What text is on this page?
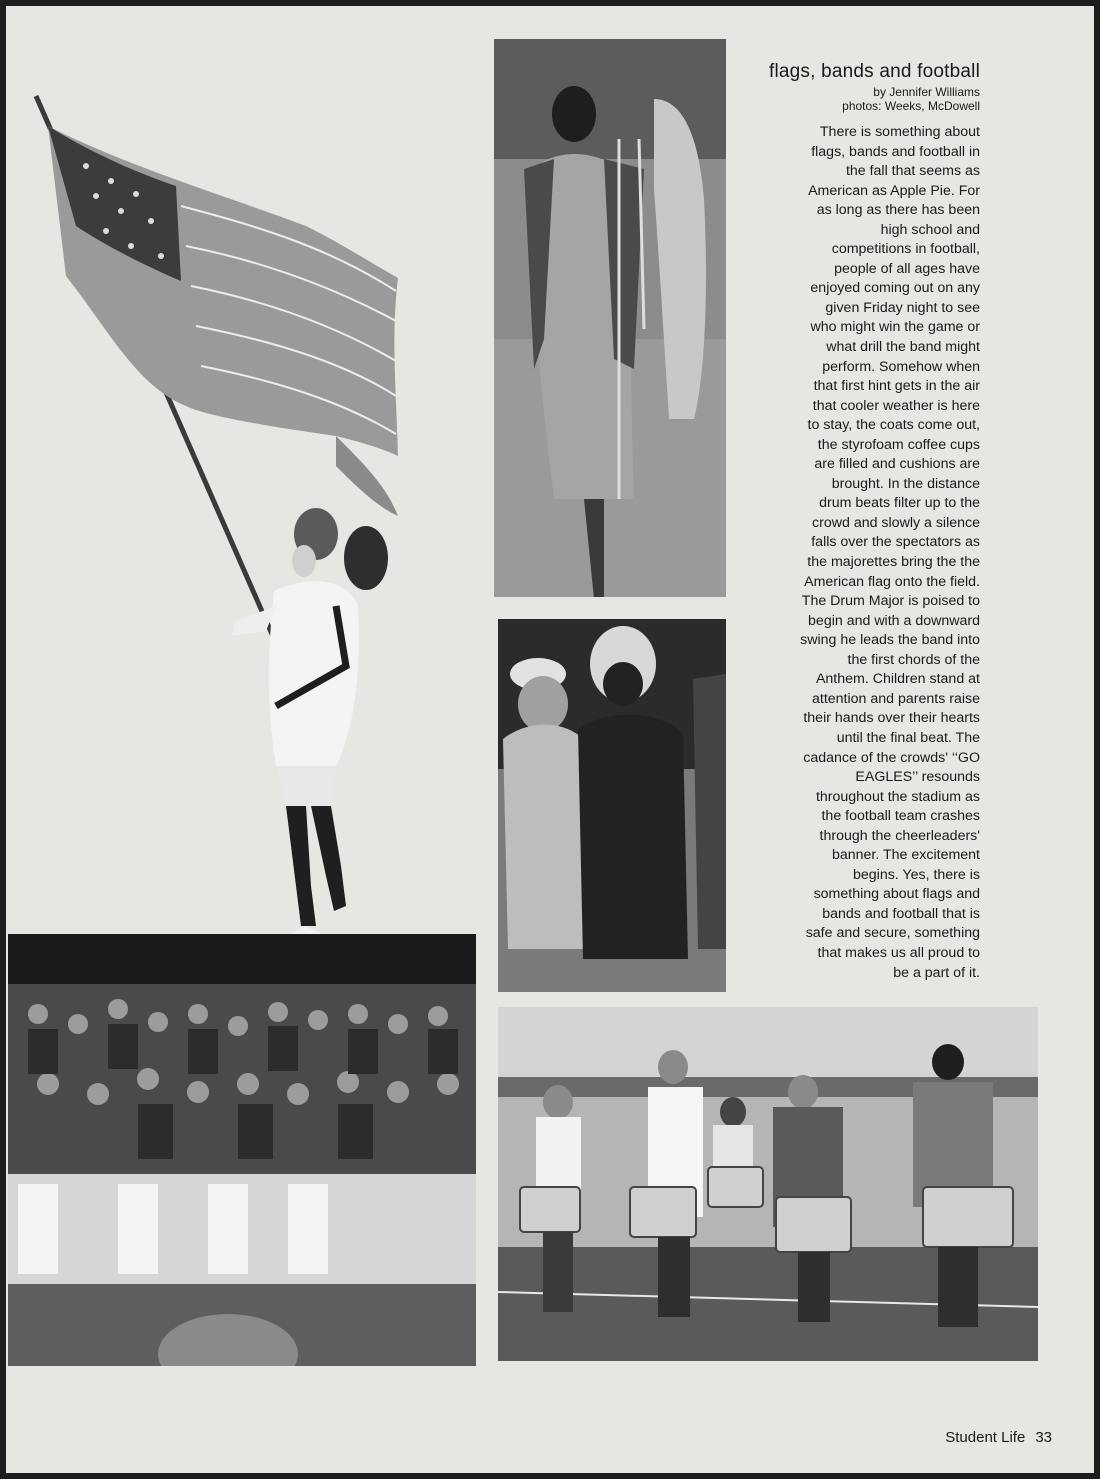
flags, bands and football

by Jennifer Williams

photos: Weeks, McDowell

There is something about
flags, bands and football in
the fall that seems as
American as Apple Pie. For
as long as there has been
high school and
competitions in football,
people of all ages have
enjoyed coming out on any
given Friday night to see
who might win the game or
what drill the band might
perform. Somehow when
that first hint gets in the air
that cooler weather is here
to stay, the coats come out,
the styrofoam coffee cups
are filled and cushions are
brought. In the distance
drum beats filter up to the
crowd and slowly a silence
falls over the spectators as
the majorettes bring the the
American flag onto the field.
The Drum Major is poised to
begin and with a downward
swing he leads the band into
the first chords of the
Anthem. Children stand at
attention and parents raise
their hands over their hearts
until the final beat. The
cadance of the crowds' ‘‘GO
EAGLES’’ resounds
throughout the stadium as
the football team crashes
through the cheerleaders'
banner. The excitement
begins. Yes, there is
something about flags and
bands and football that is
safe and secure, something
that makes us all proud to
be a part of it.
Student Life 33
